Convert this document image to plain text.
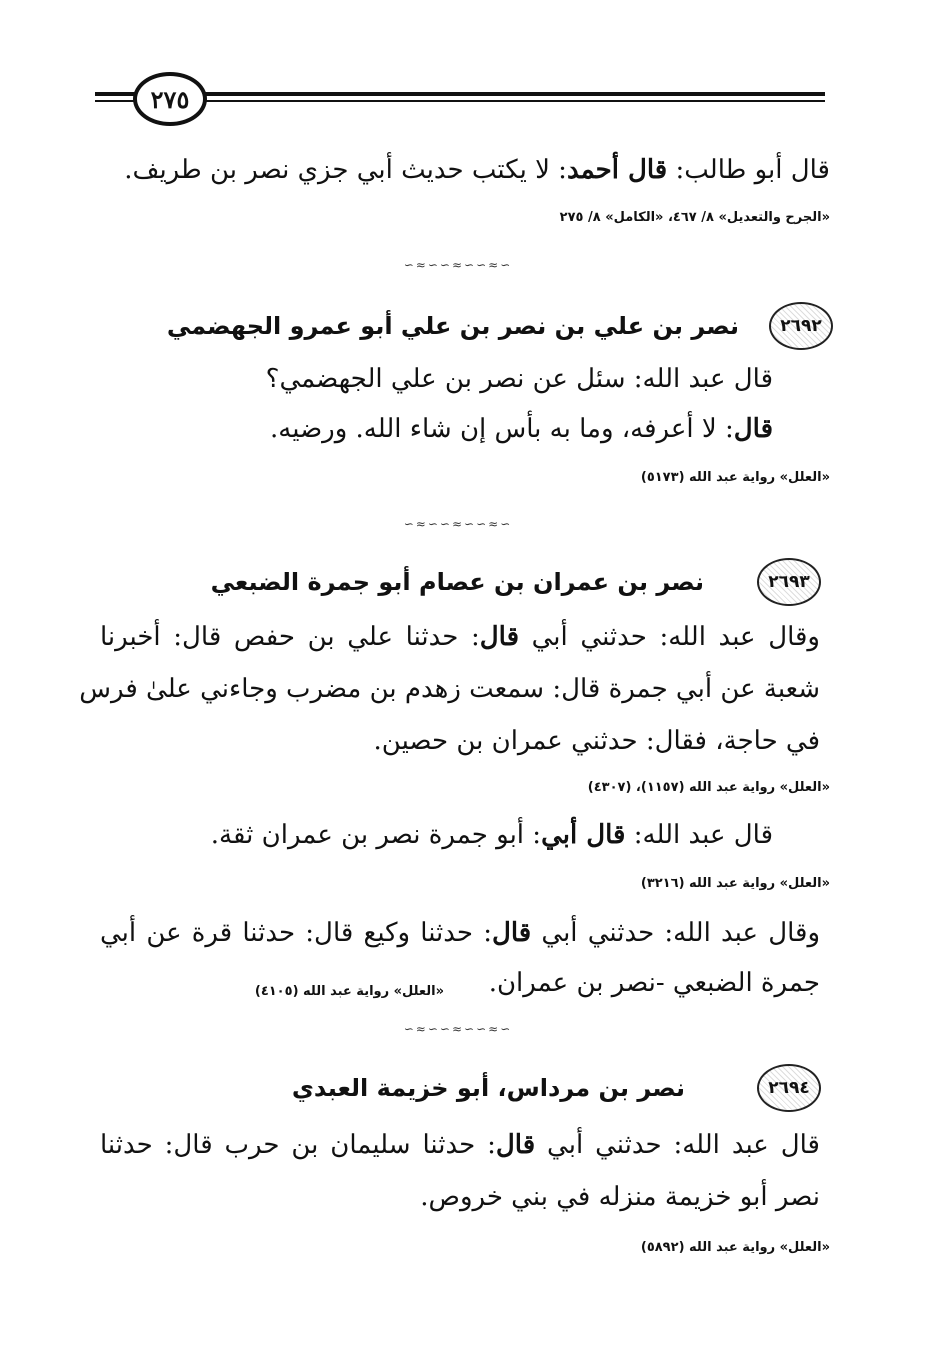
٢٧٥
قال أبو طالب: قال أحمد: لا يكتب حديث أبي جزي نصر بن طريف.
«الجرح والتعديل» ٨/ ٤٦٧، «الكامل» ٨/ ٢٧٥
∽≈∽∽≈∽∽≈∽
٢٦٩٢
نصر بن علي بن نصر بن علي أبو عمرو الجهضمي
قال عبد الله: سئل عن نصر بن علي الجهضمي؟
قال: لا أعرفه، وما به بأس إن شاء الله. ورضيه.
«العلل» رواية عبد الله (٥١٧٣)
∽≈∽∽≈∽∽≈∽
٢٦٩٣
نصر بن عمران بن عصام أبو جمرة الضبعي
وقال عبد الله: حدثني أبي قال: حدثنا علي بن حفص قال: أخبرنا
شعبة عن أبي جمرة قال: سمعت زهدم بن مضرب وجاءني علىٰ فرس
في حاجة، فقال: حدثني عمران بن حصين.
«العلل» رواية عبد الله (١١٥٧)، (٤٣٠٧)
قال عبد الله: قال أبي: أبو جمرة نصر بن عمران ثقة.
«العلل» رواية عبد الله (٣٢١٦)
وقال عبد الله: حدثني أبي قال: حدثنا وكيع قال: حدثنا قرة عن أبي
جمرة الضبعي -نصر بن عمران.
«العلل» رواية عبد الله (٤١٠٥)
∽≈∽∽≈∽∽≈∽
٢٦٩٤
نصر بن مرداس، أبو خزيمة العبدي
قال عبد الله: حدثني أبي قال: حدثنا سليمان بن حرب قال: حدثنا
نصر أبو خزيمة منزله في بني خروص.
«العلل» رواية عبد الله (٥٨٩٢)
